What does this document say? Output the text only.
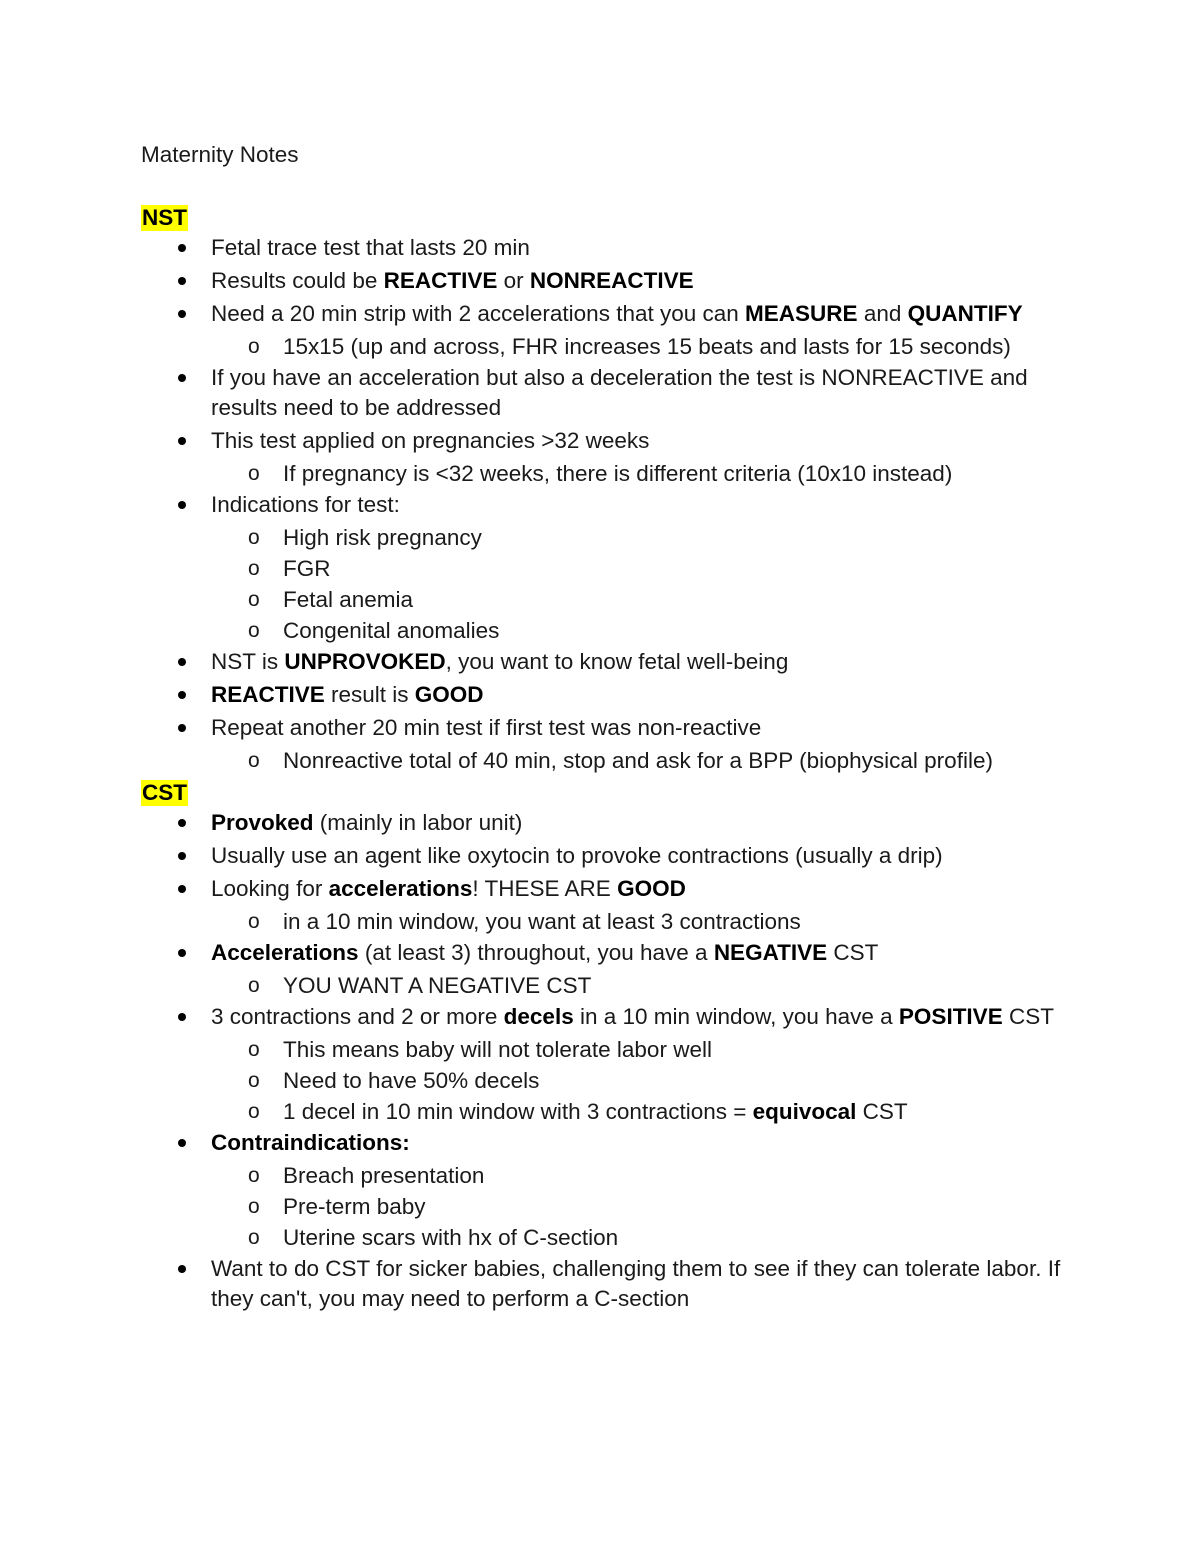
Maternity Notes
NST
Fetal trace test that lasts 20 min
Results could be REACTIVE or NONREACTIVE
Need a 20 min strip with 2 accelerations that you can MEASURE and QUANTIFY
o 15x15 (up and across, FHR increases 15 beats and lasts for 15 seconds)
If you have an acceleration but also a deceleration the test is NONREACTIVE and results need to be addressed
This test applied on pregnancies >32 weeks
o If pregnancy is <32 weeks, there is different criteria (10x10 instead)
Indications for test:
o High risk pregnancy
o FGR
o Fetal anemia
o Congenital anomalies
NST is UNPROVOKED, you want to know fetal well-being
REACTIVE result is GOOD
Repeat another 20 min test if first test was non-reactive
o Nonreactive total of 40 min, stop and ask for a BPP (biophysical profile)
CST
Provoked (mainly in labor unit)
Usually use an agent like oxytocin to provoke contractions (usually a drip)
Looking for accelerations! THESE ARE GOOD
o in a 10 min window, you want at least 3 contractions
Accelerations (at least 3) throughout, you have a NEGATIVE CST
o YOU WANT A NEGATIVE CST
3 contractions and 2 or more decels in a 10 min window, you have a POSITIVE CST
o This means baby will not tolerate labor well
o Need to have 50% decels
o 1 decel in 10 min window with 3 contractions = equivocal CST
Contraindications:
o Breach presentation
o Pre-term baby
o Uterine scars with hx of C-section
Want to do CST for sicker babies, challenging them to see if they can tolerate labor. If they can't, you may need to perform a C-section
